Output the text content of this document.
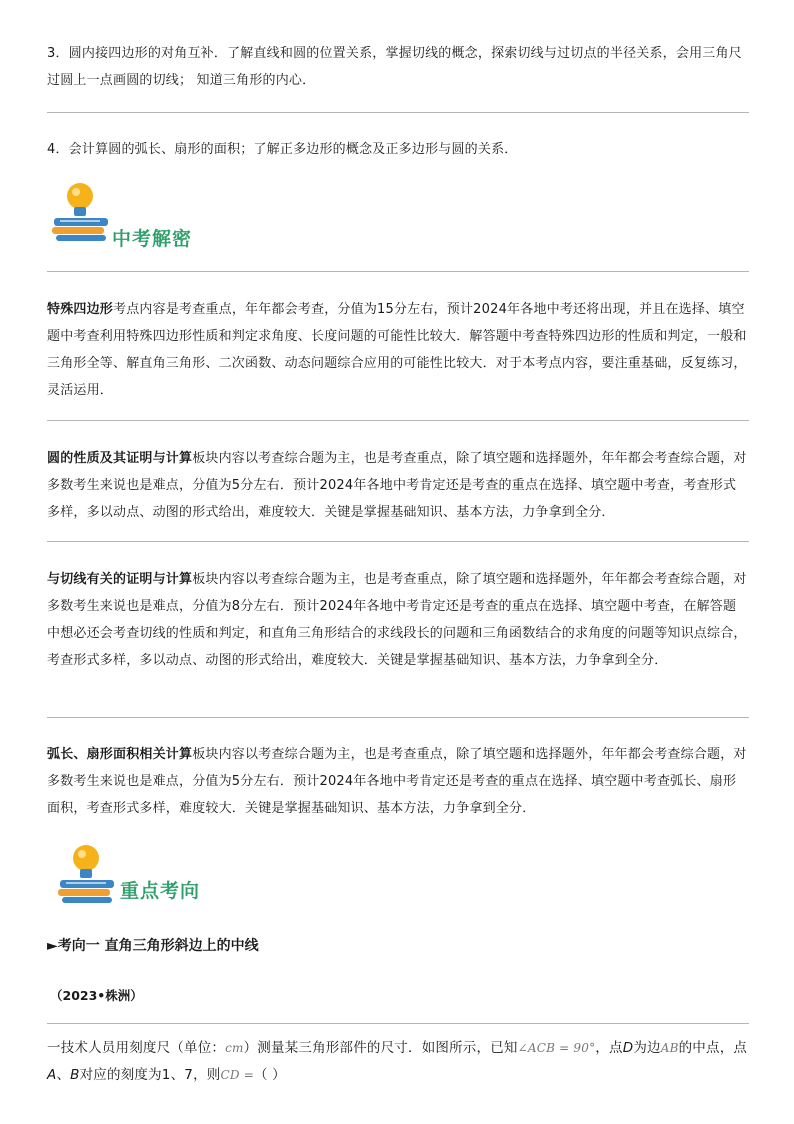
3．圆内接四边形的对角互补．了解直线和圆的位置关系，掌握切线的概念，探索切线与过切点的半径关系，会用三角尺过圆上一点画圆的切线； 知道三角形的内心．

4．会计算圆的弧长、扇形的面积；了解正多边形的概念及正多边形与圆的关系．

中考解密

特殊四边形考点内容是考查重点，年年都会考查，分值为15分左右，预计2024年各地中考还将出现，并且在选择、填空题中考查利用特殊四边形性质和判定求角度、长度问题的可能性比较大．解答题中考查特殊四边形的性质和判定，一般和三角形全等、解直角三角形、二次函数、动态问题综合应用的可能性比较大．对于本考点内容，要注重基础，反复练习，灵活运用．

圆的性质及其证明与计算板块内容以考查综合题为主，也是考查重点，除了填空题和选择题外，年年都会考查综合题，对多数考生来说也是难点，分值为5分左右．预计2024年各地中考肯定还是考查的重点在选择、填空题中考查，考查形式多样，多以动点、动图的形式给出，难度较大．关键是掌握基础知识、基本方法，力争拿到全分．

与切线有关的证明与计算板块内容以考查综合题为主，也是考查重点，除了填空题和选择题外，年年都会考查综合题，对多数考生来说也是难点，分值为8分左右．预计2024年各地中考肯定还是考查的重点在选择、填空题中考查，在解答题中想必还会考查切线的性质和判定，和直角三角形结合的求线段长的问题和三角函数结合的求角度的问题等知识点综合，考查形式多样，多以动点、动图的形式给出，难度较大．关键是掌握基础知识、基本方法，力争拿到全分．

弧长、扇形面积相关计算板块内容以考查综合题为主，也是考查重点，除了填空题和选择题外，年年都会考查综合题，对多数考生来说也是难点，分值为5分左右．预计2024年各地中考肯定还是考查的重点在选择、填空题中考查弧长、扇形面积，考查形式多样，难度较大．关键是掌握基础知识、基本方法，力争拿到全分．

重点考向

►考向一 直角三角形斜边上的中线

（2023•株洲）

一技术人员用刻度尺（单位：cm）测量某三角形部件的尺寸．如图所示，已知∠ACB = 90°，点D为边AB的中点，点A、B对应的刻度为1、7，则CD =（ ）
